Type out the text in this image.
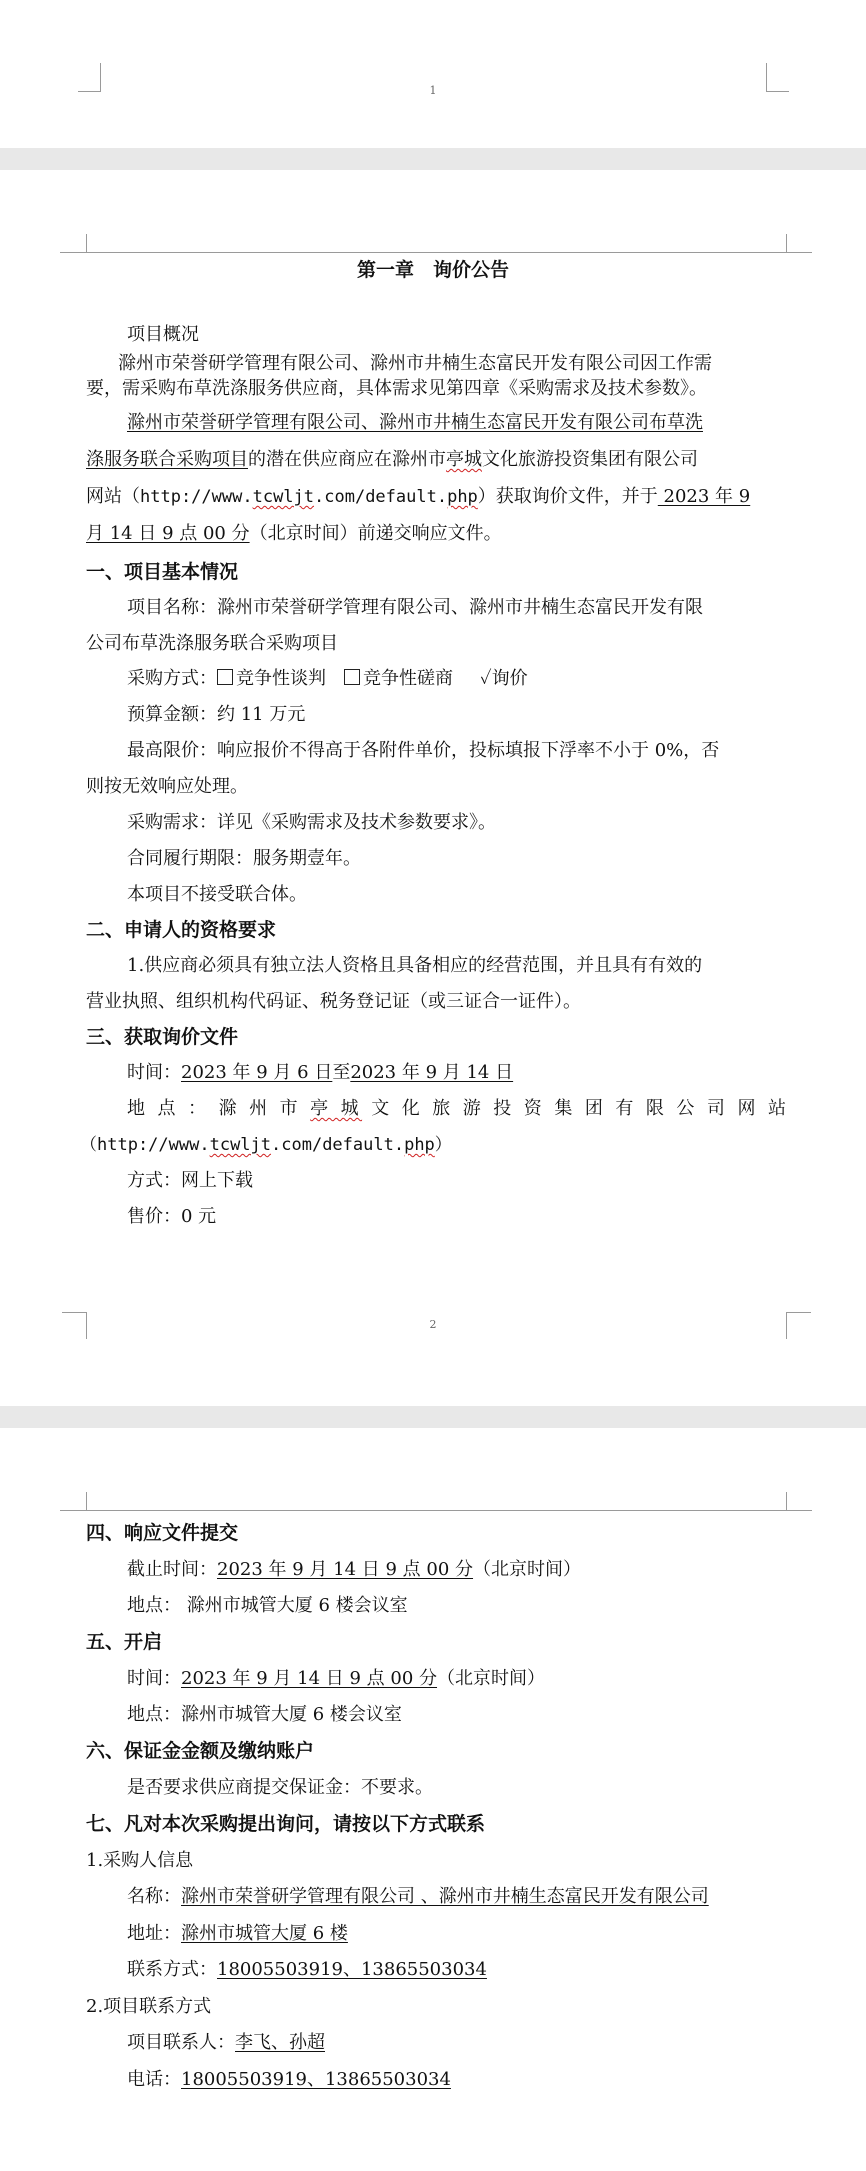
1
第一章　询价公告
项目概况
滁州市荣誉研学管理有限公司、滁州市井楠生态富民开发有限公司因工作需
要，需采购布草洗涤服务供应商，具体需求见第四章《采购需求及技术参数》。
滁州市荣誉研学管理有限公司、滁州市井楠生态富民开发有限公司布草洗
涤服务联合采购项目的潜在供应商应在滁州市亭城文化旅游投资集团有限公司
网站（http://www.tcwljt.com/default.php）获取询价文件，并于 2023 年 9
月 14 日 9 点 00 分（北京时间）前递交响应文件。
一、项目基本情况
项目名称：滁州市荣誉研学管理有限公司、滁州市井楠生态富民开发有限
公司布草洗涤服务联合采购项目
采购方式： 竞争性谈判  竞争性磋商   ✓询价
预算金额：约 11 万元
最高限价：响应报价不得高于各附件单价，投标填报下浮率不小于 0%，否
则按无效响应处理。
采购需求：详见《采购需求及技术参数要求》。
合同履行期限：服务期壹年。
本项目不接受联合体。
二、申请人的资格要求
1.供应商必须具有独立法人资格且具备相应的经营范围，并且具有有效的
营业执照、组织机构代码证、税务登记证（或三证合一证件）。
三、获取询价文件
时间：2023 年 9 月 6 日至2023 年 9 月 14 日
地 点 ： 滁 州 市 亭 城 文 化 旅 游 投 资 集 团 有 限 公 司 网 站
（http://www.tcwljt.com/default.php）
方式：网上下载
售价：0 元
2
四、响应文件提交
截止时间：2023 年 9 月 14 日 9 点 00 分（北京时间）
地点： 滁州市城管大厦 6 楼会议室
五、开启
时间：2023 年 9 月 14 日 9 点 00 分（北京时间）
地点：滁州市城管大厦 6 楼会议室
六、保证金金额及缴纳账户
是否要求供应商提交保证金：不要求。
七、凡对本次采购提出询问，请按以下方式联系
1.采购人信息
名称：滁州市荣誉研学管理有限公司 、滁州市井楠生态富民开发有限公司
地址：滁州市城管大厦 6 楼
联系方式：18005503919、13865503034
2.项目联系方式
项目联系人：李飞、孙超
电话：18005503919、13865503034
